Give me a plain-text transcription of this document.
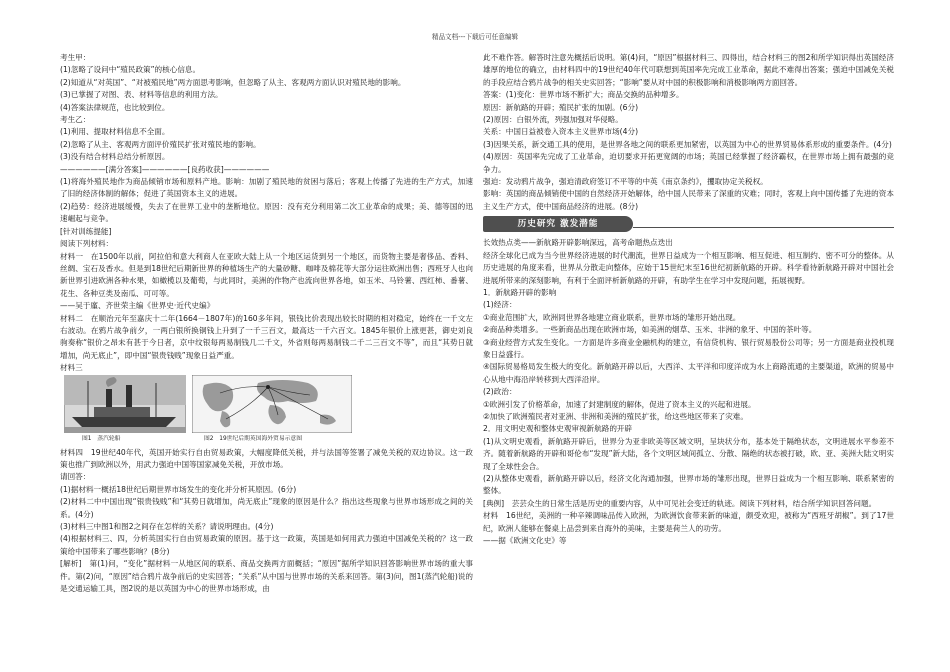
精品文档---下载后可任意编辑

考生甲：

(1)忽略了设问中“殖民政策”的核心信息。

(2)知道从“对英国”、“对被殖民地”两方面思考影响，但忽略了从主、客观两方面认识对殖民地的影响。

(3)已掌握了对图、表、材料等信息的利用方法。

(4)答案法律规范，也比较到位。

考生乙：

(1)利用、提取材料信息不全面。

(2)忽略了从主、客观两方面评价殖民扩张对殖民地的影响。

(3)没有结合材料总结分析原因。

——————[满分答案]——————[良药收获]——————

(1)将海外殖民地作为商品倾销市场和原料产地。影响：加剧了殖民地的贫困与落后；客观上传播了先进的生产方式，加速了旧的经济体制的解体；促进了英国资本主义的进展。

(2)趋势：经济进展缓慢，失去了在世界工业中的垄断地位。原因：没有充分利用第二次工业革命的成果；美、德等国的迅速崛起与竞争。

[针对训练提能]

阅读下列材料：

材料一　在1500年以前，阿拉伯和意大利商人在亚欧大陆上从一个地区运货到另一个地区，而货物主要是奢侈品、香料、丝绸、宝石及香水。但是到18世纪后期新世界的种植场生产的大量砂糖、咖啡及棉花等大部分运往欧洲出售；西班牙人也向新世界引进欧洲各种水果，如橄榄以及葡萄，与此同时，美洲的作物产也流向世界各地，如玉米、马铃薯、西红柿、番薯、花生、各种豆类及南瓜、可可等。

——吴于廑、齐世荣主编《世界史·近代史编》

材料二　在顺治元年至嘉庆十二年(1664－1807年)的160多年间，银钱比价表现出较长时期的相对稳定，始终在一千文左右波动。在鸦片战争前夕，一两白银所换铜钱上升到了一千三百文，最高达一千六百文。1845年银价上涨更甚，御史刘良驹奏称“银价之昂未有甚于今日者，京中纹银每两易制钱几二千文，外省则每两易制钱二千二三百文不等”，而且“其势日就增加，尚无底止”，即中国“银贵钱贱”现象日益严重。

材料三

图1　蒸汽轮船	图2　19世纪后期英国海外贸易示意图

材料四　19世纪40年代，英国开始实行自由贸易政策，大幅度降低关税，并与法国等签署了减免关税的双边协议。这一政策也推广到欧洲以外，用武力强迫中国等国家减免关税，开放市场。

请回答：

(1)据材料一概括18世纪后期世界市场发生的变化并分析其原因。(6分)

(2)材料二中中国出现“银贵钱贱”和“其势日就增加，尚无底止”现象的原因是什么？指出这些现象与世界市场形成之间的关系。(4分)

(3)材料三中图1和图2之间存在怎样的关系？请说明理由。(4分)

(4)根据材料三、四，分析英国实行自由贸易政策的原因。基于这一政策，英国是如何用武力强迫中国减免关税的？这一政策给中国带来了哪些影响？(8分)

[解析]　第(1)问，“变化”据材料一从地区间的联系、商品交换两方面概括；“原因”据所学知识回答影响世界市场的重大事件。第(2)问，“原因”结合鸦片战争前后的史实回答；“关系”从中国与世界市场的关系来回答。第(3)问，图1(蒸汽轮船)说的是交通运输工具，图2说的是以英国为中心的世界市场形成，由

此不难作答。解答时注意先概括后说明。第(4)问，“原因”根据材料三、四得出，结合材料三的图2和所学知识得出英国经济雄厚的地位的确立，由材料四中的19世纪40年代可联想到英国率先完成工业革命，据此不难得出答案；强迫中国减免关税的手段应结合鸦片战争的相关史实回答；“影响”要从对中国的积极影响和消极影响两方面回答。

答案：(1)变化：世界市场不断扩大；商品交换的品种增多。

原因：新航路的开辟；殖民扩张的加剧。(6分)

(2)原因：白银外流，列强加强对华侵略。

关系：中国日益被卷入资本主义世界市场(4分)

(3)因果关系，新交通工具的使用，是世界各地之间的联系更加紧密，以英国为中心的世界贸易体系形成的重要条件。(4分)

(4)原因：英国率先完成了工业革命，迫切要求开拓更宽阔的市场；英国已经掌握了经济霸权，在世界市场上拥有最强的竞争力。

强迫：发动鸦片战争，强迫清政府签订不平等的中英《南京条约》，攫取协定关税权。

影响：英国的商品倾销使中国的自然经济开始解体，给中国人民带来了深重的灾难；同时，客观上向中国传播了先进的资本主义生产方式，使中国商品经济的进展。(8分)

历史研究 激发潜能

长效热点类——新航路开辟影响深远，高考命题热点迭出

经济全球化已成为当今世界经济进展的时代潮流，世界日益成为一个相互影响、相互促进、相互制约、密不可分的整体。从历史进展的角度来看，世界从分散走向整体，应始于15世纪末至16世纪初新航路的开辟。科学看待新航路开辟对中国社会进展所带来的深刻影响，有利于全面评析新航路的开辟，有助学生在学习中发现问题，拓展视野。

1．新航路开辟的影响

(1)经济：

①商业范围扩大，欧洲同世界各地建立商业联系，世界市场的雏形开始出现。

②商品种类增多。一些新商品出现在欧洲市场，如美洲的烟草、玉米、非洲的象牙、中国的茶叶等。

③商业经营方式发生变化。一方面是许多商业金融机构的建立，有信贷机构、银行贸易股份公司等；另一方面是商业投机现象日益盛行。

④国际贸易格局发生极大的变化。新航路开辟以后，大西洋、太平洋和印度洋成为水上商路流通的主要渠道，欧洲的贸易中心从地中海沿岸转移到大西洋沿岸。

(2)政治：

①欧洲引发了价格革命，加速了封建制度的解体，促进了资本主义的兴起和进展。

②加快了欧洲殖民者对亚洲、非洲和美洲的殖民扩张，给这些地区带来了灾难。

2．用文明史观和整体史观审视新航路的开辟

(1)从文明史观看，新航路开辟后，世界分为亚非欧美等区域文明，呈块状分布，基本处于隔绝状态，文明进展水平参差不齐。随着新航路的开辟和哥伦布“发现”新大陆，各个文明区域间孤立、分散、隔绝的状态被打破，欧、亚、美洲大陆文明实现了全球性会合。

(2)从整体史观看，新航路开辟以后，经济文化沟通加强，世界市场的雏形出现，世界日益成为一个相互影响、联系紧密的整体。

[典例]　芸芸众生的日常生活是历史的重要内容，从中可见社会变迁的轨迹。阅读下列材料，结合所学知识回答问题。

材料　16世纪，美洲的一种辛辣调味品传入欧洲，为欧洲饮食带来新的味道，颇受欢迎，被称为“西班牙胡椒”。到了17世纪，欧洲人能够在餐桌上品尝到来自海外的美味，主要是荷兰人的功劳。

——据《欧洲文化史》等
